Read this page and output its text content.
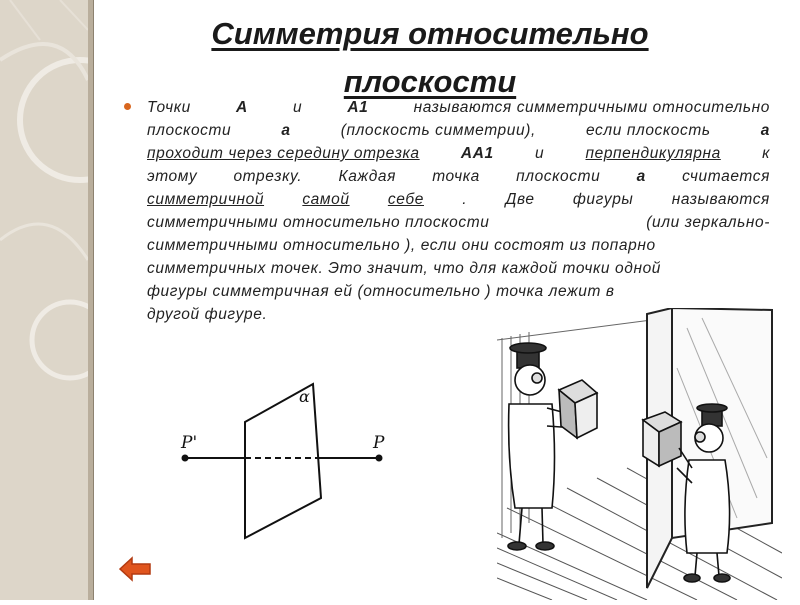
Симметрия относительно
плоскости
Точки	А	и	А1	называются симметричными относительно
плоскости	а	(плоскость симметрии),	если плоскость	а
проходит через середину отрезка	АА1	и	перпендикулярна	к
этому отрезку. Каждая точка плоскости а считается
симметричной самой себе . Две фигуры называются
симметричными относительно плоскости	(или зеркально-
симметричными относительно ), если они состоят из попарно
симметричных точек. Это значит, что для каждой точки одной
фигуры симметричная ей (относительно ) точка лежит в
другой фигуре.
α
P'	P
